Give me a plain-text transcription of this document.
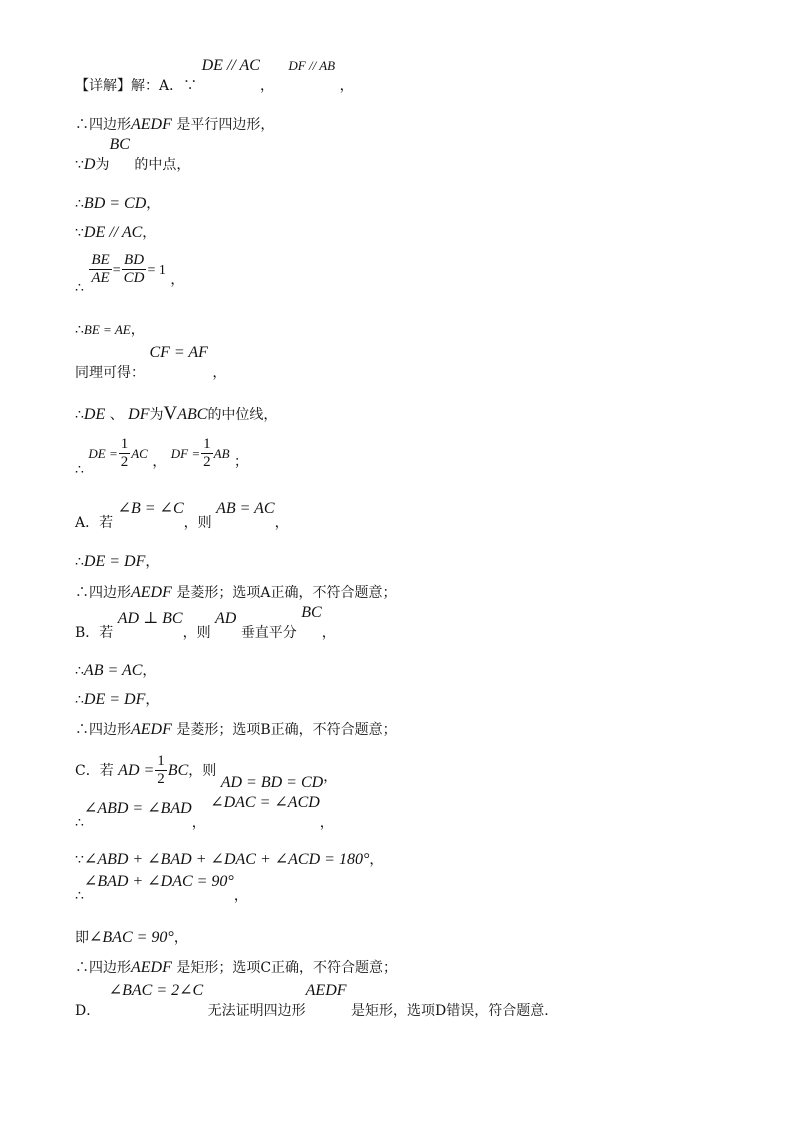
【详解】解：A．∵ DE // AC， DF // AB ，
∴四边形AEDF 是平行四边形，
∵D为BC 的中点，
∴BD = CD，
∵DE // AC，
∴
$\frac{BE}{AE} = \frac{BD}{CD} = 1$ ，
∴BE = AE，
同理可得： CF = AF ，
∴DE 、 DF为VABC的中位线，
∴ DE = $\frac{1}{2}$ AC ， DF = $\frac{1}{2}$ AB ；
A．若 ∠B = ∠C，则 AB = AC，
∴DE = DF，
∴四边形AEDF 是菱形；选项A正确，不符合题意；
B．若 AD ⊥ BC，则 AD 垂直平分 BC，
∴AB = AC，
∴DE = DF，
∴四边形AEDF 是菱形；选项B正确，不符合题意；
C．若 AD = $\frac{1}{2}$ BC，则 AD = BD = CD，
∴∠ABD = ∠BAD， ∠DAC = ∠ACD，
∵∠ABD + ∠BAD + ∠DAC + ∠ACD = 180°，
∴∠BAD + ∠DAC = 90°，
即∠BAC = 90°，
∴四边形AEDF 是矩形；选项C正确，不符合题意；
D． ∠BAC = 2∠C 无法证明四边形AEDF 是矩形，选项D错误，符合题意.
